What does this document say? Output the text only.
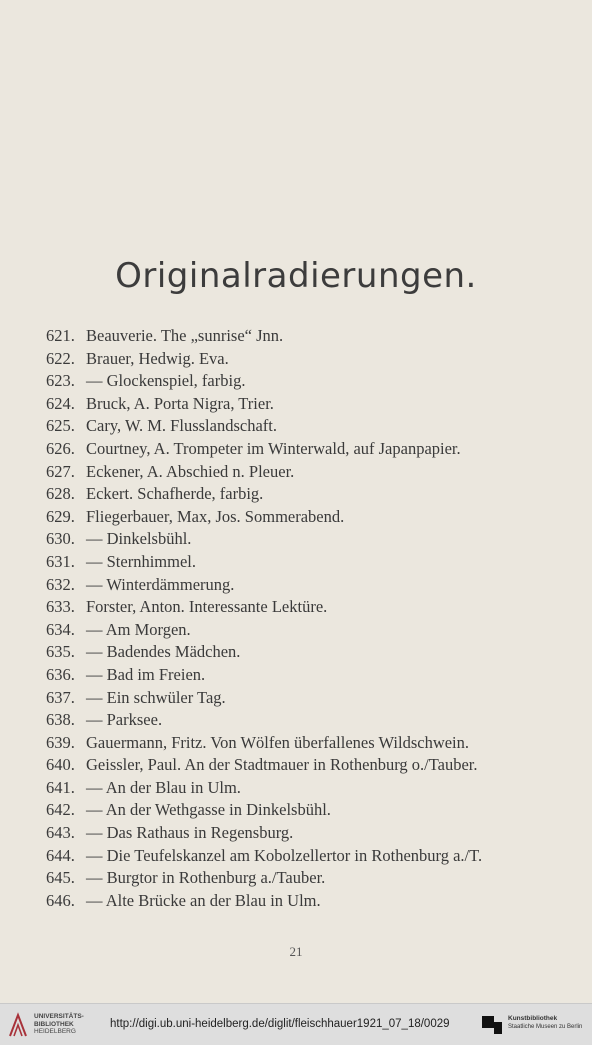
Originalradierungen.
621. Beauverie. The „sunrise“ Jnn.
622. Brauer, Hedwig. Eva.
623. — Glockenspiel, farbig.
624. Bruck, A. Porta Nigra, Trier.
625. Cary, W. M. Flusslandschaft.
626. Courtney, A. Trompeter im Winterwald, auf Japanpapier.
627. Eckener, A. Abschied n. Pleuer.
628. Eckert. Schafherde, farbig.
629. Fliegerbauer, Max, Jos. Sommerabend.
630. — Dinkelsbühl.
631. — Sternhimmel.
632. — Winterdämmerung.
633. Forster, Anton. Interessante Lektüre.
634. — Am Morgen.
635. — Badendes Mädchen.
636. — Bad im Freien.
637. — Ein schwüler Tag.
638. — Parksee.
639. Gauermann, Fritz. Von Wölfen überfallenes Wildschwein.
640. Geissler, Paul. An der Stadtmauer in Rothenburg o./Tauber.
641. — An der Blau in Ulm.
642. — An der Wethgasse in Dinkelsbühl.
643. — Das Rathaus in Regensburg.
644. — Die Teufelskanzel am Kobolzellertor in Rothenburg a./T.
645. — Burgtor in Rothenburg a./Tauber.
646. — Alte Brücke an der Blau in Ulm.
21
UNIVERSITÄTS-
BIBLIOTHEK
HEIDELBERG
http://digi.ub.uni-heidelberg.de/diglit/fleischhauer1921_07_18/0029	Kunstbibliothek
Staatliche Museen zu Berlin
